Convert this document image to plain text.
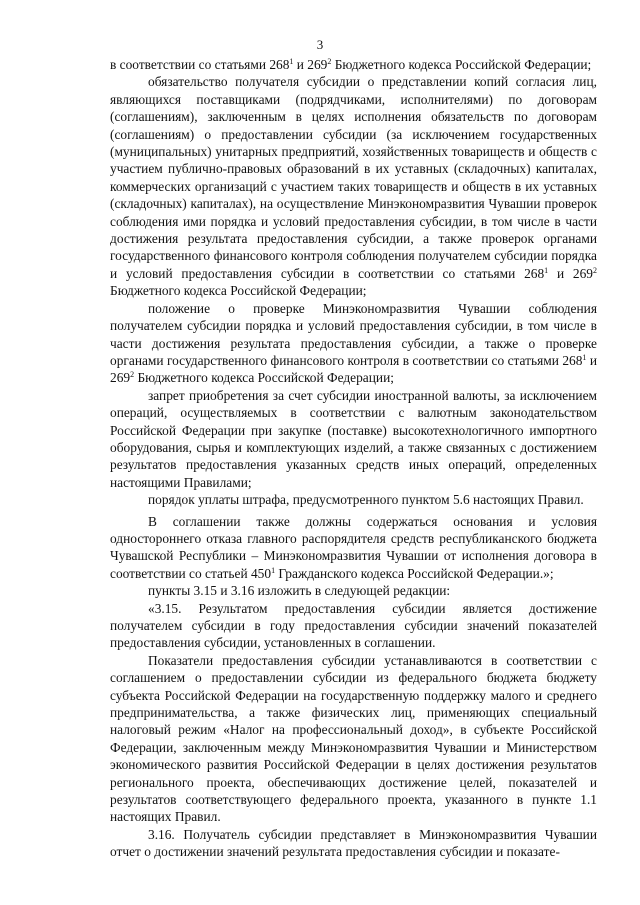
3

в соответствии со статьями $268^1$ и $269^2$ Бюджетного кодекса Российской Федерации;

обязательство получателя субсидии о представлении копий согласия лиц, являющихся поставщиками (подрядчиками, исполнителями) по договорам (соглашениям), заключенным в целях исполнения обязательств по договорам (соглашениям) о предоставлении субсидии (за исключением государственных (муниципальных) унитарных предприятий, хозяйственных товариществ и обществ с участием публично-правовых образований в их уставных (складочных) капиталах, коммерческих организаций с участием таких товариществ и обществ в их уставных (складочных) капиталах), на осуществление Минэкономразвития Чувашии проверок соблюдения ими порядка и условий предоставления субсидии, в том числе в части достижения результата предоставления субсидии, а также проверок органами государственного финансового контроля соблюдения получателем субсидии порядка и условий предоставления субсидии в соответствии со статьями $268^1$ и $269^2$ Бюджетного кодекса Российской Федерации;

положение о проверке Минэкономразвития Чувашии соблюдения получателем субсидии порядка и условий предоставления субсидии, в том числе в части достижения результата предоставления субсидии, а также о проверке органами государственного финансового контроля в соответствии со статьями $268^1$ и $269^2$ Бюджетного кодекса Российской Федерации;

запрет приобретения за счет субсидии иностранной валюты, за исключением операций, осуществляемых в соответствии с валютным законодательством Российской Федерации при закупке (поставке) высокотехнологичного импортного оборудования, сырья и комплектующих изделий, а также связанных с достижением результатов предоставления указанных средств иных операций, определенных настоящими Правилами;

порядок уплаты штрафа, предусмотренного пунктом 5.6 настоящих Правил.

В соглашении также должны содержаться основания и условия одностороннего отказа главного распорядителя средств республиканского бюджета Чувашской Республики – Минэкономразвития Чувашии от исполнения договора в соответствии со статьей $450^1$ Гражданского кодекса Российской Федерации.»;

пункты 3.15 и 3.16 изложить в следующей редакции:

«3.15. Результатом предоставления субсидии является достижение получателем субсидии в году предоставления субсидии значений показателей предоставления субсидии, установленных в соглашении.

Показатели предоставления субсидии устанавливаются в соответствии с соглашением о предоставлении субсидии из федерального бюджета бюджету субъекта Российской Федерации на государственную поддержку малого и среднего предпринимательства, а также физических лиц, применяющих специальный налоговый режим «Налог на профессиональный доход», в субъекте Российской Федерации, заключенным между Минэкономразвития Чувашии и Министерством экономического развития Российской Федерации в целях достижения результатов регионального проекта, обеспечивающих достижение целей, показателей и результатов соответствующего федерального проекта, указанного в пункте 1.1 настоящих Правил.

3.16. Получатель субсидии представляет в Минэкономразвития Чувашии отчет о достижении значений результата предоставления субсидии и показате-
